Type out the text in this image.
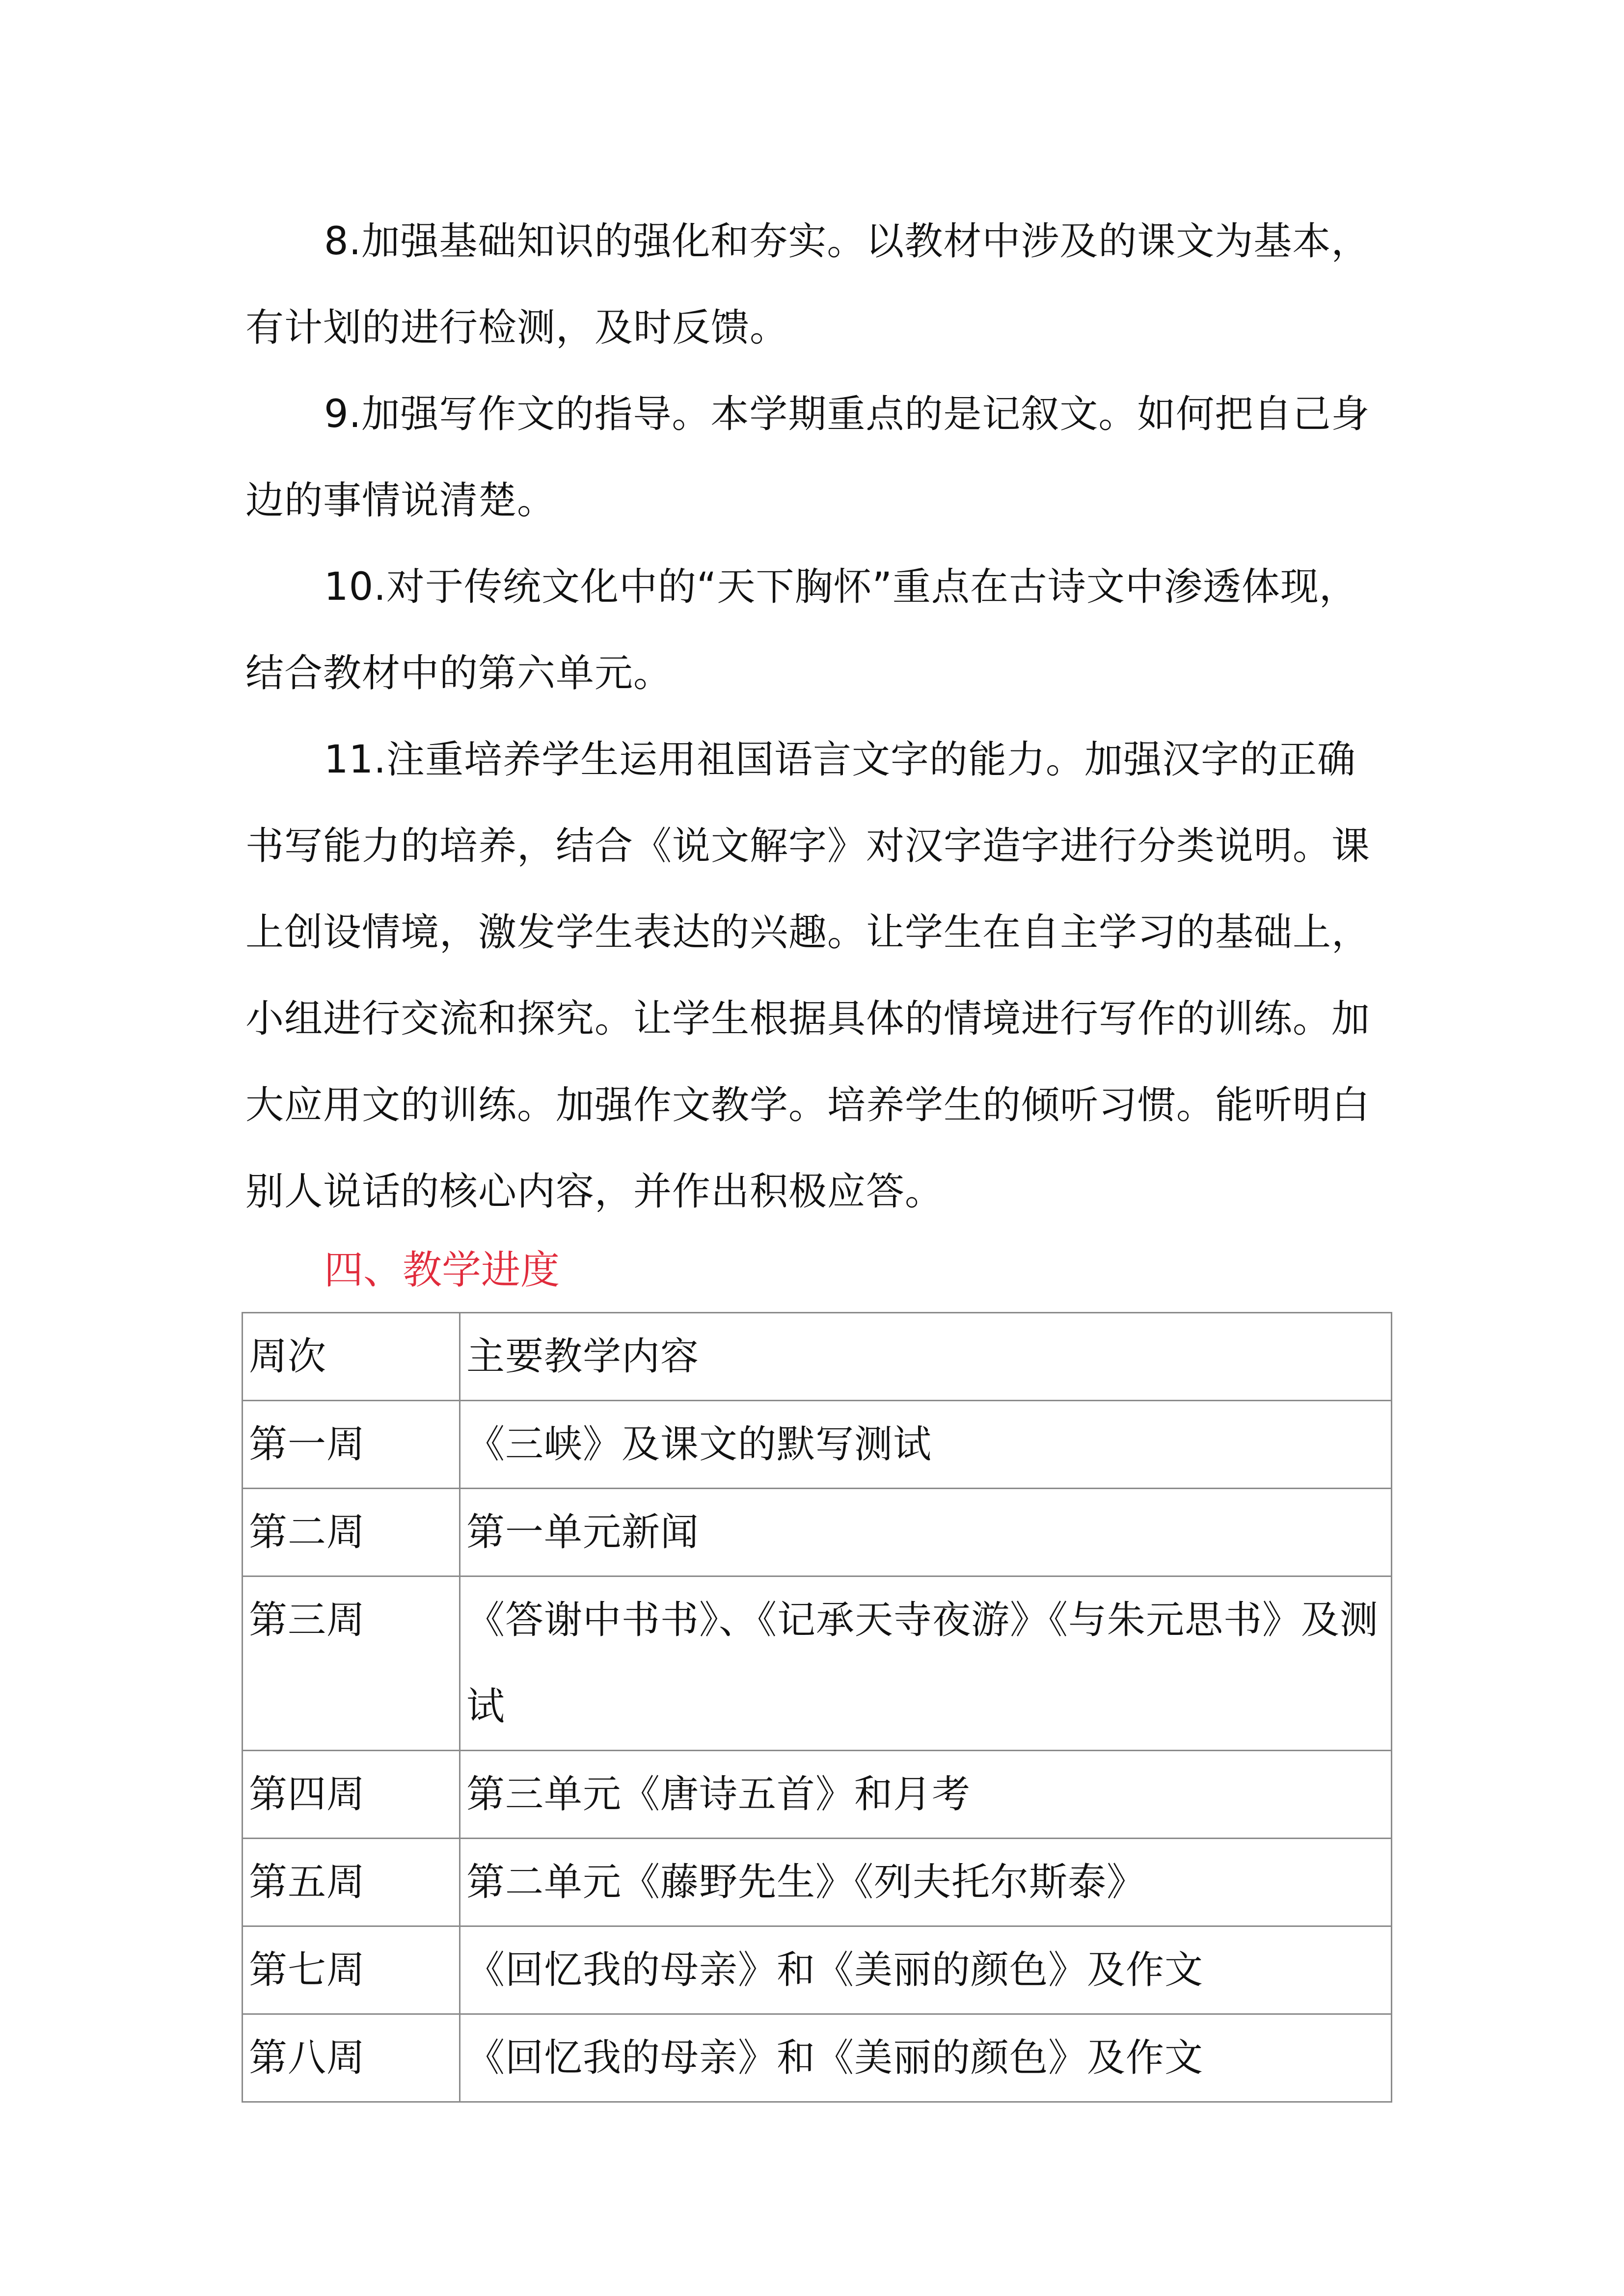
8.加强基础知识的强化和夯实。以教材中涉及的课文为基本，有计划的进行检测，及时反馈。

9.加强写作文的指导。本学期重点的是记叙文。如何把自己身边的事情说清楚。

10.对于传统文化中的“天下胸怀”重点在古诗文中渗透体现，结合教材中的第六单元。

11.注重培养学生运用祖国语言文字的能力。加强汉字的正确书写能力的培养，结合《说文解字》对汉字造字进行分类说明。课上创设情境，激发学生表达的兴趣。让学生在自主学习的基础上，小组进行交流和探究。让学生根据具体的情境进行写作的训练。加大应用文的训练。加强作文教学。培养学生的倾听习惯。能听明白别人说话的核心内容，并作出积极应答。

四、教学进度
周次	主要教学内容
第一周	《三峡》及课文的默写测试
第二周	第一单元新闻
第三周	《答谢中书书》、《记承天寺夜游》《与朱元思书》及测试
第四周	第三单元《唐诗五首》和月考
第五周	第二单元《藤野先生》《列夫托尔斯泰》
第七周	《回忆我的母亲》和《美丽的颜色》及作文
第八周	《回忆我的母亲》和《美丽的颜色》及作文
